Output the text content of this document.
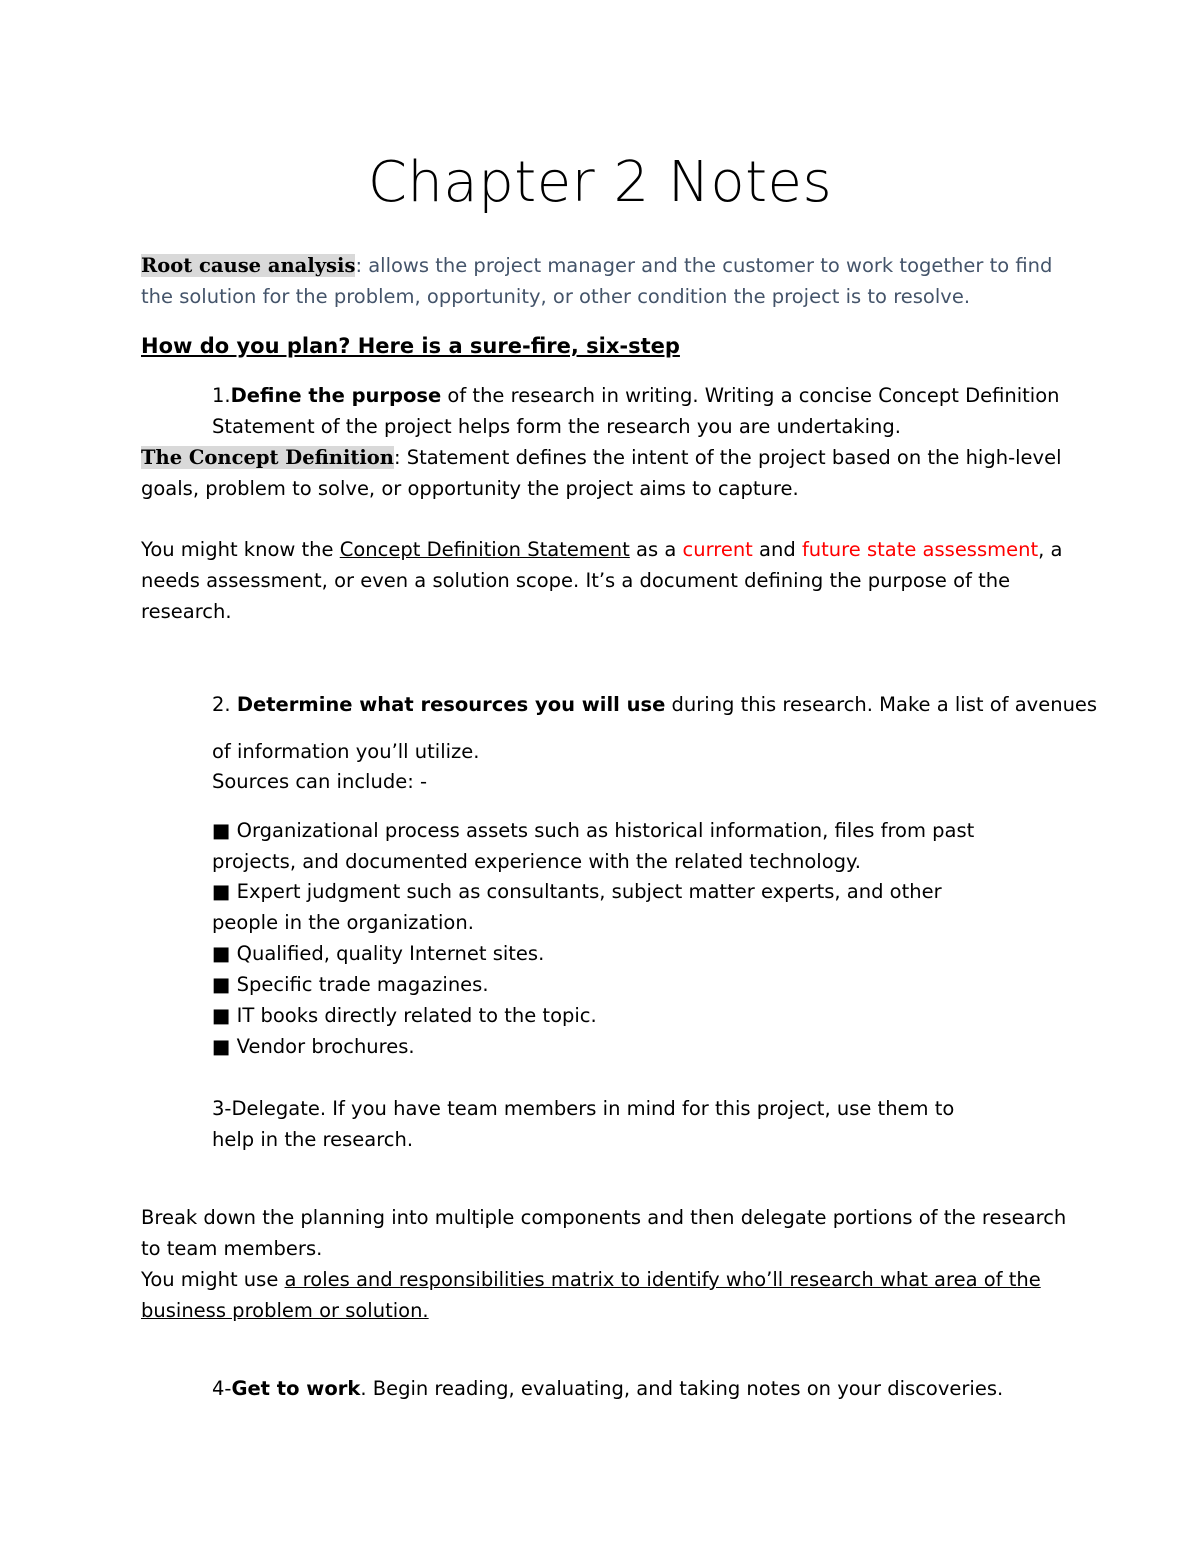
Chapter 2 Notes
Root cause analysis: allows the project manager and the customer to work together to find
the solution for the problem, opportunity, or other condition the project is to resolve.
How do you plan? Here is a sure-fire, six-step
1.Define the purpose of the research in writing. Writing a concise Concept Definition
Statement of the project helps form the research you are undertaking.
The Concept Definition: Statement defines the intent of the project based on the high-level
goals, problem to solve, or opportunity the project aims to capture.
You might know the Concept Definition Statement as a current and future state assessment, a
needs assessment, or even a solution scope. It’s a document defining the purpose of the
research.
2. Determine what resources you will use during this research. Make a list of avenues
of information you’ll utilize.
Sources can include: -
■ Organizational process assets such as historical information, files from past
projects, and documented experience with the related technology.
■ Expert judgment such as consultants, subject matter experts, and other
people in the organization.
■ Qualified, quality Internet sites.
■ Specific trade magazines.
■ IT books directly related to the topic.
■ Vendor brochures.
3-Delegate. If you have team members in mind for this project, use them to
help in the research.
Break down the planning into multiple components and then delegate portions of the research
to team members.
You might use a roles and responsibilities matrix to identify who’ll research what area of the
business problem or solution.
4-Get to work. Begin reading, evaluating, and taking notes on your discoveries.
